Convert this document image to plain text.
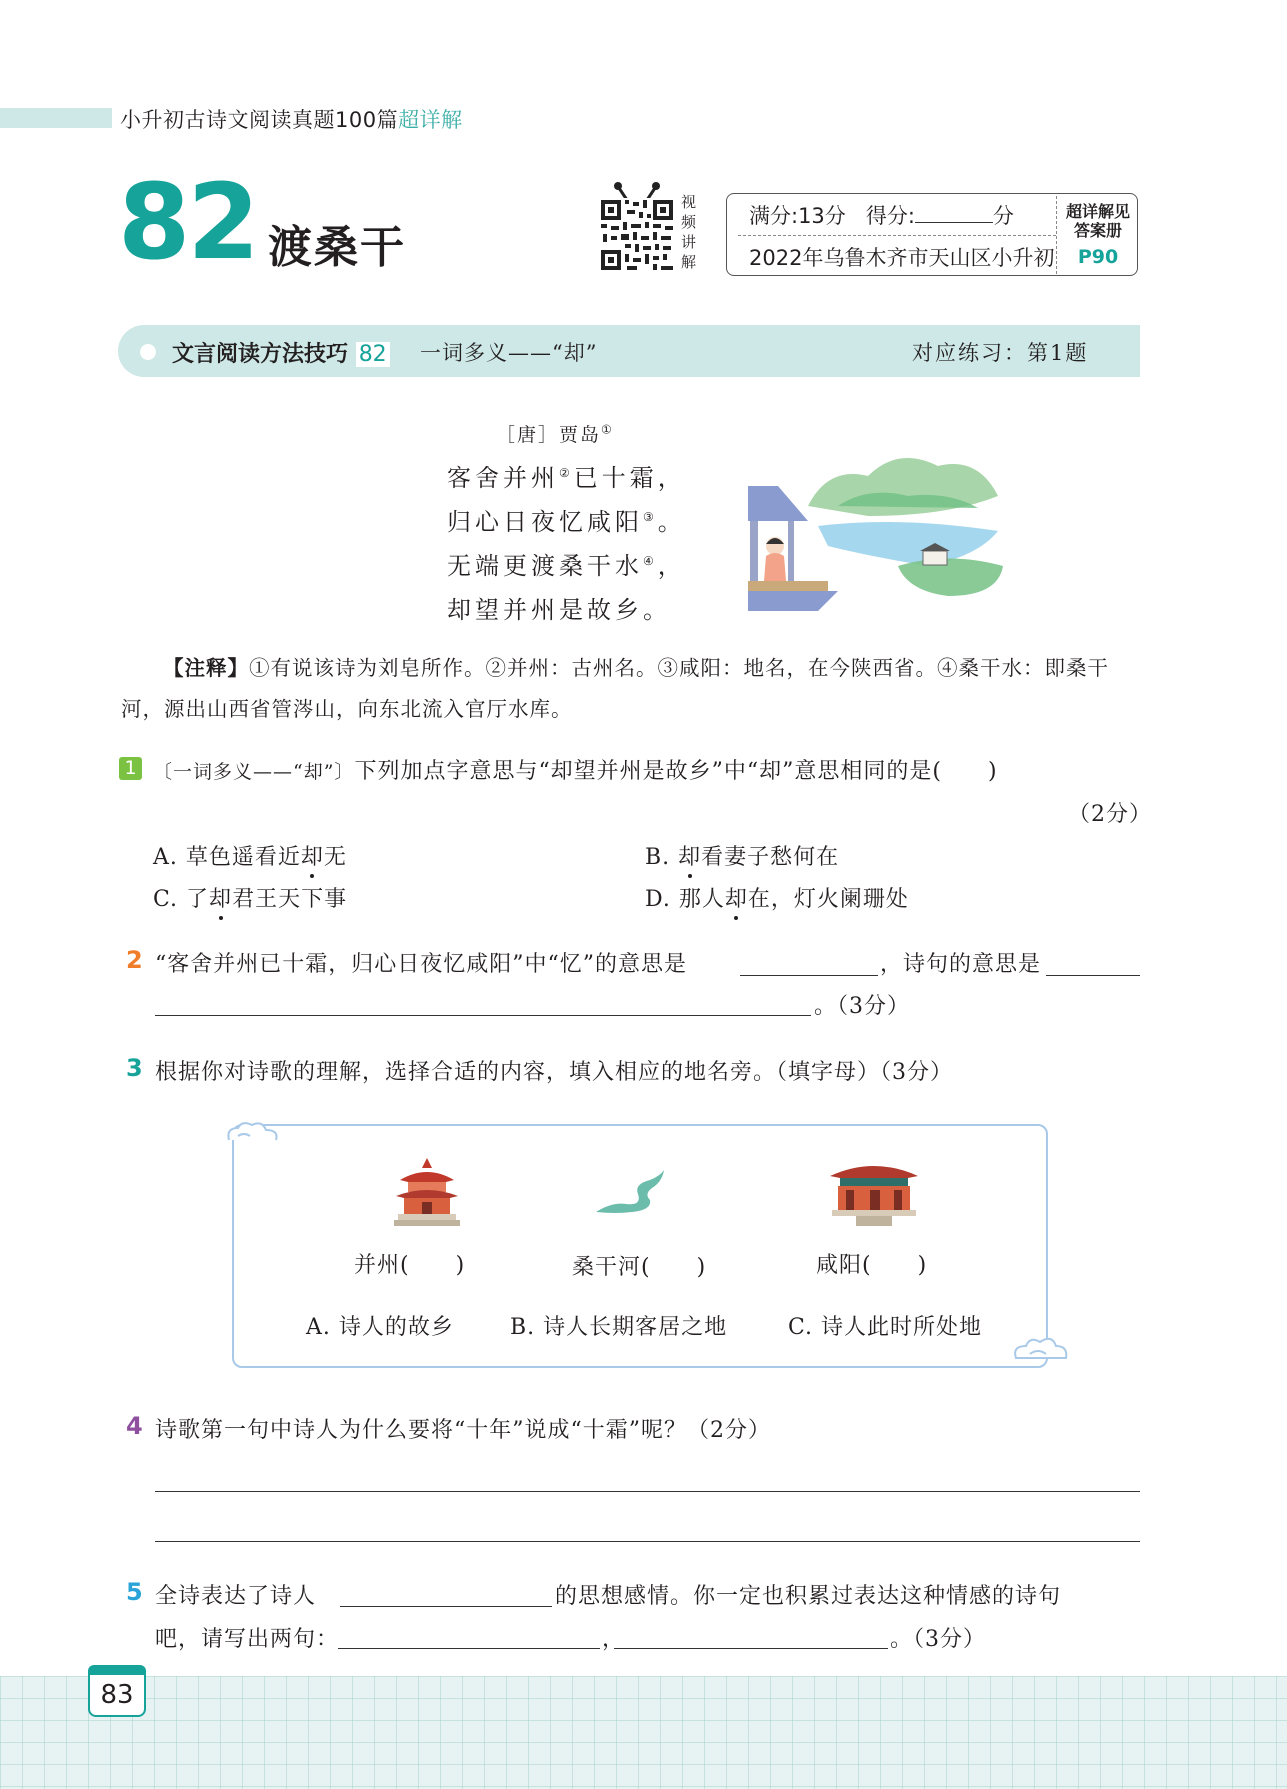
小升初古诗文阅读真题100篇超详解
82 渡桑干
视频讲解
满分:13分 得分:	分
2022年乌鲁木齐市天山区小升初
超详解见
答案册
P90
文言阅读方法技巧 82 一词多义——“却”	对应练习：第1题
［唐］贾岛①
客舍并州②已十霜，
归心日夜忆咸阳③。
无端更渡桑干水④，
却望并州是故乡。
【注释】①有说该诗为刘皂所作。②并州：古州名。③咸阳：地名，在今陕西省。④桑干水：即桑干河，源出山西省管涔山，向东北流入官厅水库。
1 〔一词多义——“却”〕下列加点字意思与“却望并州是故乡”中“却”意思相同的是(　　)
（2分）
A. 草色遥看近却无	B. 却看妻子愁何在
C. 了却君王天下事	D. 那人却在，灯火阑珊处
2 “客舍并州已十霜，归心日夜忆咸阳”中“忆”的意思是	，诗句的意思是
。（3分）
3 根据你对诗歌的理解，选择合适的内容，填入相应的地名旁。（填字母）（3分）
并州(　　)	桑干河(　　)	咸阳(　　)
A. 诗人的故乡	B. 诗人长期客居之地	C. 诗人此时所处地
4 诗歌第一句中诗人为什么要将“十年”说成“十霜”呢？（2分）
5 全诗表达了诗人	的思想感情。你一定也积累过表达这种情感的诗句
吧，请写出两句：	，	。（3分）
83
